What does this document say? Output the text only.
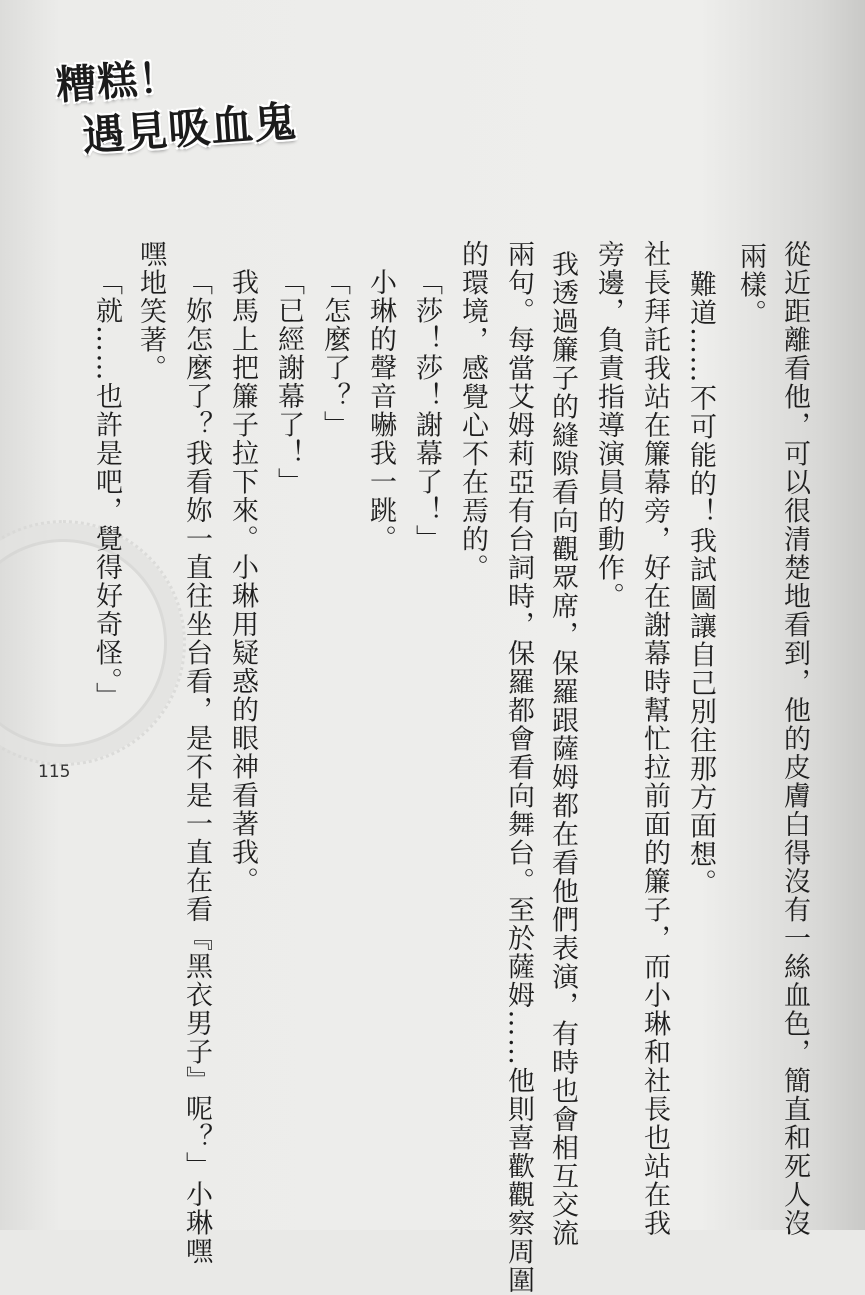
糟糕！
遇見吸血鬼
從近距離看他，可以很清楚地看到，他的皮膚白得沒有一絲血色，簡直和死人沒
兩樣。
難道……不可能的！我試圖讓自己別往那方面想。
社長拜託我站在簾幕旁，好在謝幕時幫忙拉前面的簾子，而小琳和社長也站在我
旁邊，負責指導演員的動作。
我透過簾子的縫隙看向觀眾席，保羅跟薩姆都在看他們表演，有時也會相互交流
兩句。每當艾姆莉亞有台詞時，保羅都會看向舞台。至於薩姆……他則喜歡觀察周圍
的環境，感覺心不在焉的。
「莎！莎！謝幕了！」
小琳的聲音嚇我一跳。
「怎麼了？」
「已經謝幕了！」
我馬上把簾子拉下來。小琳用疑惑的眼神看著我。
「妳怎麼了？我看妳一直往坐台看，是不是一直在看『黑衣男子』呢？」小琳嘿
嘿地笑著。
「就……也許是吧，覺得好奇怪。」
115
